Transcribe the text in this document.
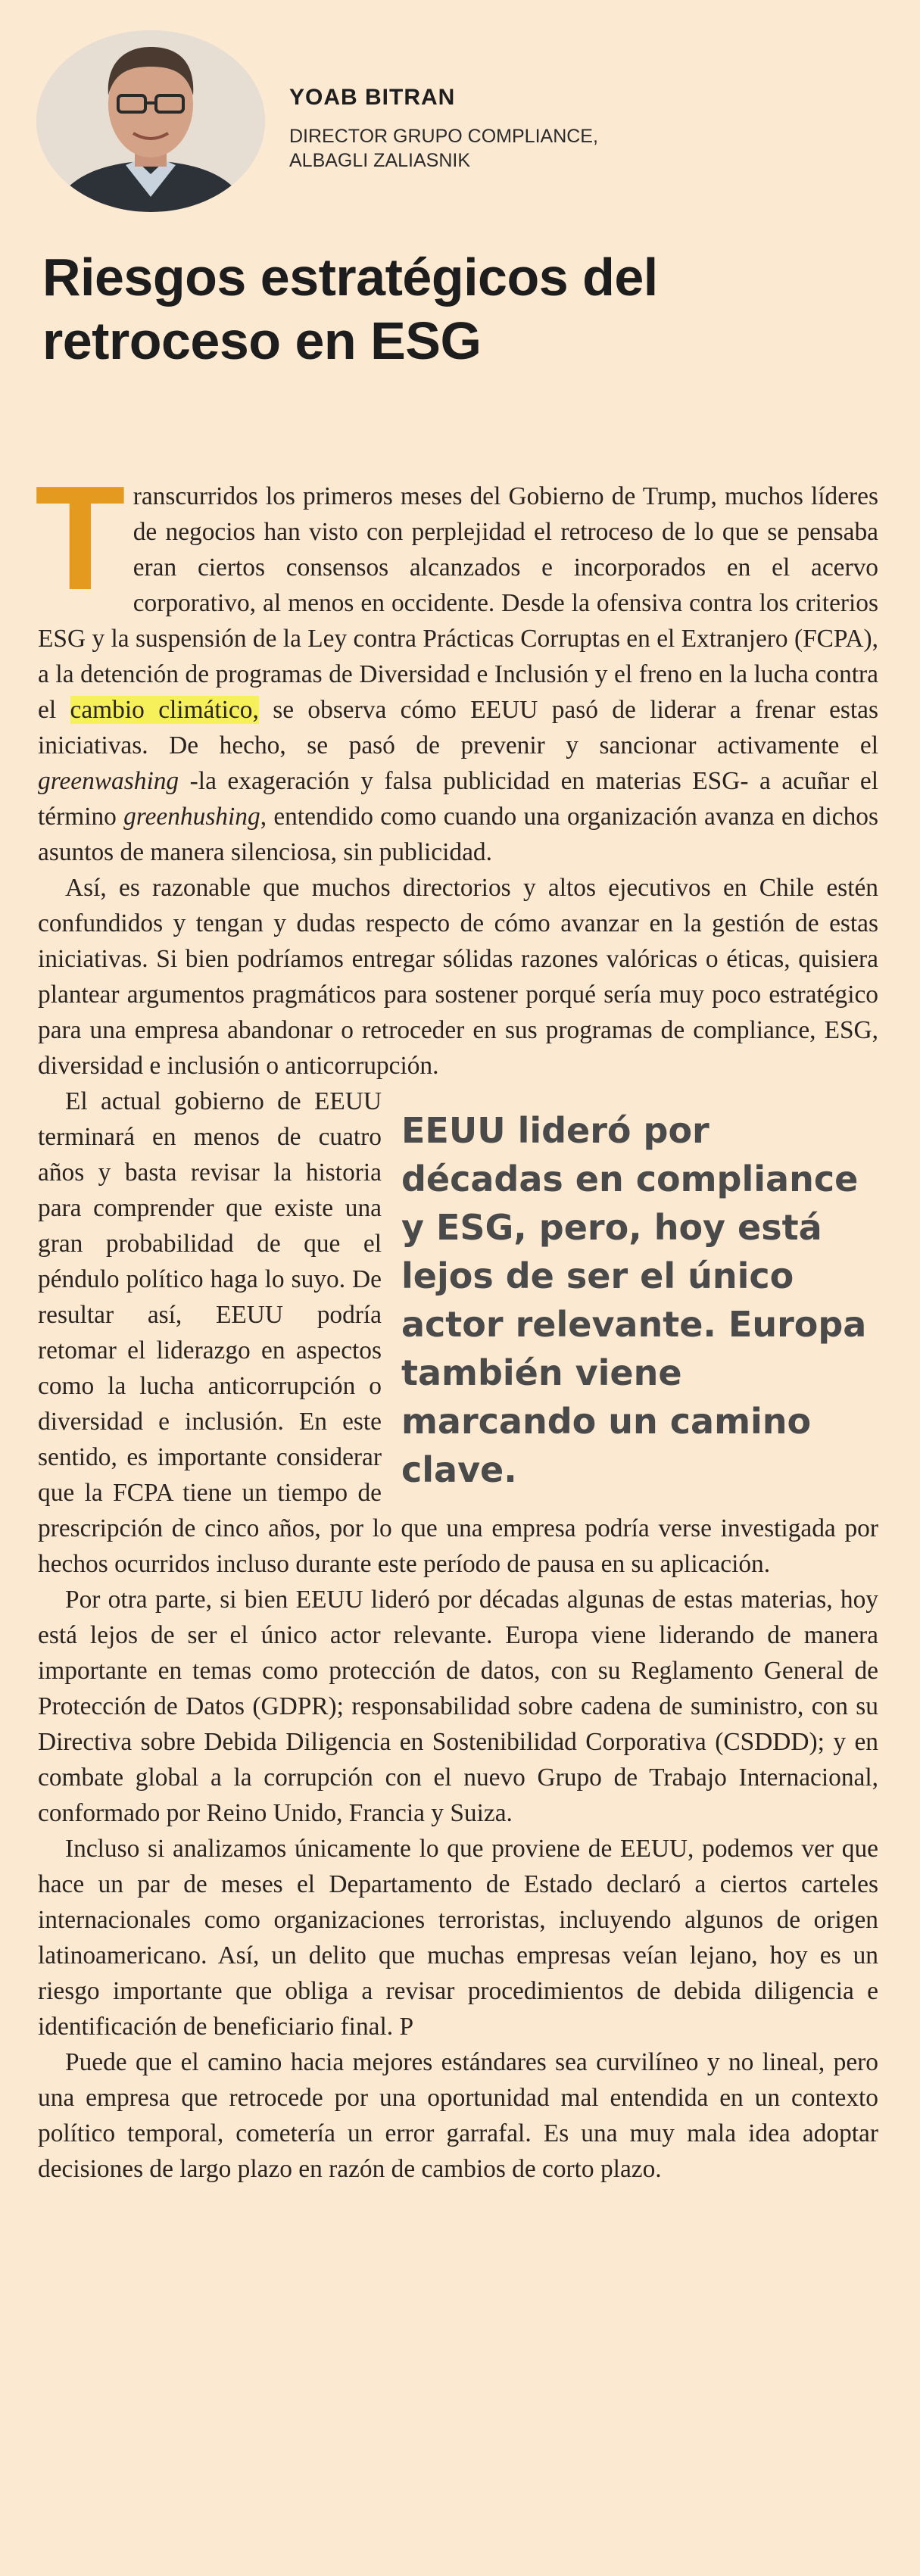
YOAB BITRAN
DIRECTOR GRUPO COMPLIANCE, ALBAGLI ZALIASNIK
Riesgos estratégicos del retroceso en ESG

Transcurridos los primeros meses del Gobierno de Trump, muchos líderes de negocios han visto con perplejidad el retroceso de lo que se pensaba eran ciertos consensos alcanzados e incorporados en el acervo corporativo, al menos en occidente. Desde la ofensiva contra los criterios ESG y la suspensión de la Ley contra Prácticas Corruptas en el Extranjero (FCPA), a la detención de programas de Diversidad e Inclusión y el freno en la lucha contra el cambio climático, se observa cómo EEUU pasó de liderar a frenar estas iniciativas. De hecho, se pasó de prevenir y sancionar activamente el greenwashing -la exageración y falsa publicidad en materias ESG- a acuñar el término greenhushing, entendido como cuando una organización avanza en dichos asuntos de manera silenciosa, sin publicidad.

Así, es razonable que muchos directorios y altos ejecutivos en Chile estén confundidos y tengan y dudas respecto de cómo avanzar en la gestión de estas iniciativas. Si bien podríamos entregar sólidas razones valóricas o éticas, quisiera plantear argumentos pragmáticos para sostener porqué sería muy poco estratégico para una empresa abandonar o retroceder en sus programas de compliance, ESG, diversidad e inclusión o anticorrupción.

EEUU lideró por décadas en compliance y ESG, pero, hoy está lejos de ser el único actor relevante. Europa también viene marcando un camino clave.
El actual gobierno de EEUU terminará en menos de cuatro años y basta revisar la historia para comprender que existe una gran probabilidad de que el péndulo político haga lo suyo. De resultar así, EEUU podría retomar el liderazgo en aspectos como la lucha anticorrupción o diversidad e inclusión. En este sentido, es importante considerar que la FCPA tiene un tiempo de prescripción de cinco años, por lo que una empresa podría verse investigada por hechos ocurridos incluso durante este período de pausa en su aplicación.

Por otra parte, si bien EEUU lideró por décadas algunas de estas materias, hoy está lejos de ser el único actor relevante. Europa viene liderando de manera importante en temas como protección de datos, con su Reglamento General de Protección de Datos (GDPR); responsabilidad sobre cadena de suministro, con su Directiva sobre Debida Diligencia en Sostenibilidad Corporativa (CSDDD); y en combate global a la corrupción con el nuevo Grupo de Trabajo Internacional, conformado por Reino Unido, Francia y Suiza.

Incluso si analizamos únicamente lo que proviene de EEUU, podemos ver que hace un par de meses el Departamento de Estado declaró a ciertos carteles internacionales como organizaciones terroristas, incluyendo algunos de origen latinoamericano. Así, un delito que muchas empresas veían lejano, hoy es un riesgo importante que obliga a revisar procedimientos de debida diligencia e identificación de beneficiario final. P

Puede que el camino hacia mejores estándares sea curvilíneo y no lineal, pero una empresa que retrocede por una oportunidad mal entendida en un contexto político temporal, cometería un error garrafal. Es una muy mala idea adoptar decisiones de largo plazo en razón de cambios de corto plazo.
